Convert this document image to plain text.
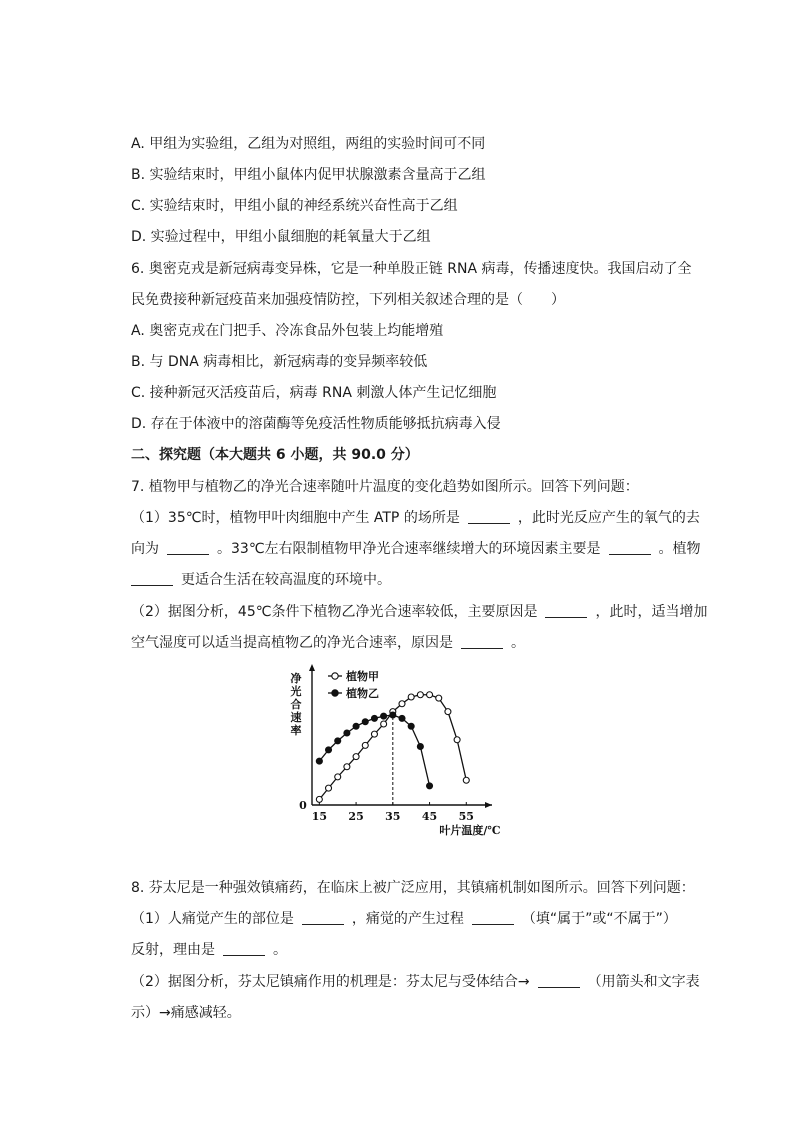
A. 甲组为实验组，乙组为对照组，两组的实验时间可不同
B. 实验结束时，甲组小鼠体内促甲状腺激素含量高于乙组
C. 实验结束时，甲组小鼠的神经系统兴奋性高于乙组
D. 实验过程中，甲组小鼠细胞的耗氧量大于乙组
6. 奥密克戎是新冠病毒变异株，它是一种单股正链 RNA 病毒，传播速度快。我国启动了全
民免费接种新冠疫苗来加强疫情防控，下列相关叙述合理的是（　　）
A. 奥密克戎在门把手、冷冻食品外包装上均能增殖
B. 与 DNA 病毒相比，新冠病毒的变异频率较低
C. 接种新冠灭活疫苗后，病毒 RNA 刺激人体产生记忆细胞
D. 存在于体液中的溶菌酶等免疫活性物质能够抵抗病毒入侵
二、探究题（本大题共 6 小题，共 90.0 分）
7. 植物甲与植物乙的净光合速率随叶片温度的变化趋势如图所示。回答下列问题：
（1）35℃时，植物甲叶肉细胞中产生 ATP 的场所是	，此时光反应产生的氧气的去
向为	。33℃左右限制植物甲净光合速率继续增大的环境因素主要是	。植物
更适合生活在较高温度的环境中。
（2）据图分析，45℃条件下植物乙净光合速率较低，主要原因是	，此时，适当增加
空气湿度可以适当提高植物乙的净光合速率，原因是	。
15 25 35 45 55
0
叶片温度/℃
净
光
合
速
率
植物甲
植物乙
8. 芬太尼是一种强效镇痛药，在临床上被广泛应用，其镇痛机制如图所示。回答下列问题：
（1）人痛觉产生的部位是	，痛觉的产生过程	（填“属于”或“不属于”）
反射，理由是	。
（2）据图分析，芬太尼镇痛作用的机理是：芬太尼与受体结合→	（用箭头和文字表
示）→痛感减轻。
